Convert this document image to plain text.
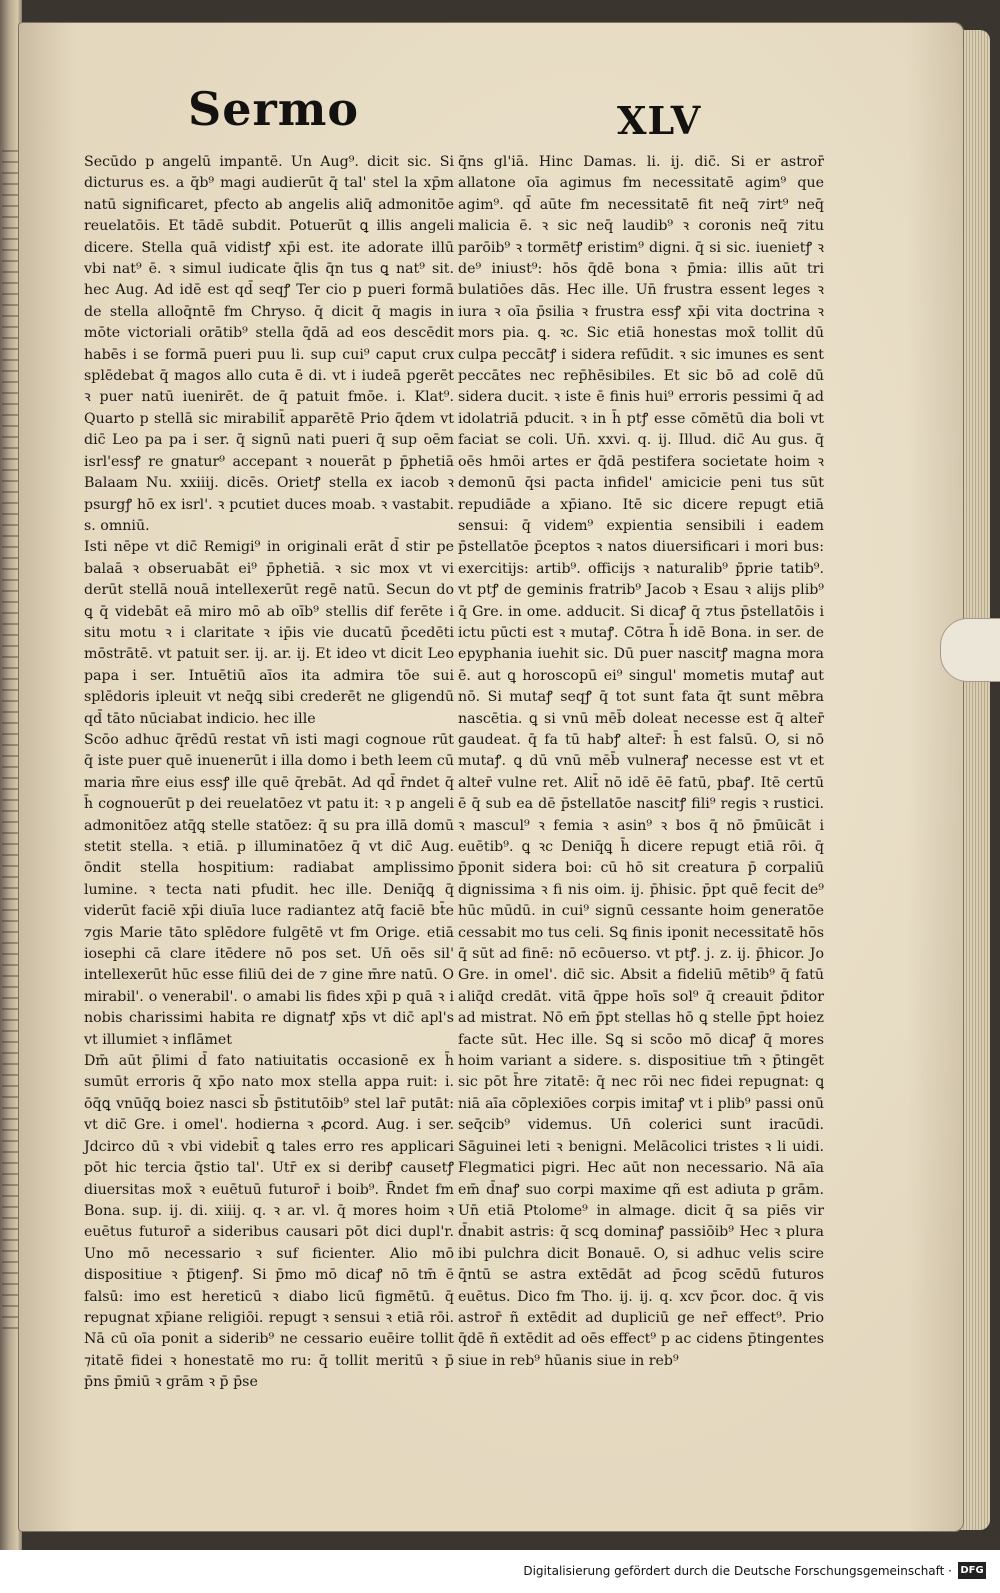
Sermo	XLV

Secūdo p angelū impantē. Un Aug⁹. dicit sic. Si dicturus es. a q̄b⁹ magi audierūt q̄ tal' stel la xp̄m natū significaret, pfecto ab angelis aliq̄ admonitōe reuelatōis. Et tādē subdit. Potuerūt ꝗ illis angeli dicere. Stella quā vidistꝭ xp̄i est. ite adorate illū vbi nat⁹ ē. ꝛ simul iudicate q̄lis q̄n tus ꝗ nat⁹ sit. hec Aug. Ad idē est qd̄ seqꝭ Ter cio p pueri formā de stella alloq̄ntē fm Chryso. q̄ dicit q̄ magis in mōte victoriali orātib⁹ stella q̄dā ad eos descēdit habēs i se formā pueri puu li. sup cui⁹ caput crux splēdebat q̄ magos allo cuta ē di. vt i iudeā pgerēt ꝛ puer natū iuenirēt. de q̄ patuit fmōe. i. Klat⁹. Quarto p stellā sic mirabilit̄ apparētē Prio q̄dem vt dic̄ Leo pa pa i ser. q̄ signū nati pueri q̄ sup oēm isrl'essꝭ re gnatur⁹ accepant ꝛ nouerāt p p̄phetiā Balaam Nu. xxiiij. dicēs. Orietꝭ stella ex iacob ꝛ psurgꝭ hō ex isrl'. ꝛ pcutiet duces moab. ꝛ vastabit. s. omniū.

Isti nēpe vt dic̄ Remigi⁹ in originali erāt d̄ stir pe balaā ꝛ obseruabāt ei⁹ p̄phetiā. ꝛ sic mox vt vi derūt stellā nouā intellexerūt regē natū. Secun do ꝗ q̄ videbāt eā miro mō ab oīb⁹ stellis dif ferēte i situ motu ꝛ i claritate ꝛ ip̄is vie ducatū p̄cedēti mōstrātē. vt patuit ser. ij. ar. ij. Et ideo vt dicit Leo papa i ser. Intuētiū aīos ita admira tōe sui splēdoris ipleuit vt neq̄ꝗ sibi crederēt ne gligendū qd̄ tāto nūciabat indicio. hec ille

Scōo adhuc q̄rēdū restat vn̄ isti magi cognoue rūt q̄ iste puer quē inuenerūt i illa domo i beth leem cū maria m̄re eius essꝭ ille quē q̄rebāt. Ad qd̄ r̄ndet q̄ h̄ cognouerūt p dei reuelatōez vt patu it: ꝛ p angeli admonitōez atq̄ꝗ stelle statōez: q̄ su pra illā domū stetit stella. ꝛ etiā. p illuminatōez q̄ vt dic̄ Aug. ōndit stella hospitium: radiabat amplissimo lumine. ꝛ tecta nati pfudit. hec ille. Deniq̄ꝗ q̄ viderūt faciē xp̄i diuīa luce radiantez atq̄ faciē bt̄e ⁊gis Marie tāto splēdore fulgētē vt fm Orige. etiā iosephi cā clare itēdere nō pos set. Un̄ oēs sil' intellexerūt hūc esse filiū dei de ⁊ gine m̄re natū. O mirabil'. o venerabil'. o amabi lis fides xp̄i p quā ꝛ i nobis charissimi habita re dignatꝭ xp̄s vt dic̄ apl's vt illumiet ꝛ inflāmet

Dm̄ aūt p̄limi d̄ fato natiuitatis occasionē ex h̄ sumūt erroris q̄ xp̄o nato mox stella appa ruit: i. ōq̄ꝗ vnūq̄ꝗ boiez nasci sb̄ p̄stitutōib⁹ stel lar̄ putāt: vt dic̄ Gre. i omel'. hodierna ꝛ ꝓcord. Aug. i ser. Jdcirco dū ꝛ vbi videbit̄ ꝗ tales erro res applicari pōt hic tercia q̄stio tal'. Utr̄ ex si deribꝭ causetꝭ diuersitas mox̄ ꝛ euētuū futuror̄ i boib⁹. R̄ndet fm Bona. sup. ij. di. xiiij. q. ꝛ ar. vl. q̄ mores hoim ꝛ euētus futuror̄ a sideribus causari pōt dici dupl'r. Uno mō necessario ꝛ suf ficienter. Alio mō dispositiue ꝛ p̄tigenꝭ. Si p̄mo mō dicaꝭ nō tm̄ ē falsū: imo est hereticū ꝛ diabo licū figmētū. q̄ repugnat xp̄iane religiōi. repugt ꝛ sensui ꝛ etiā rōi. Nā cū oīa ponit a siderib⁹ ne cessario euēire tollit ⁊itatē fidei ꝛ honestatē mo ru: q̄ tollit meritū ꝛ p̄ p̄ns p̄miū ꝛ grām ꝛ p̄ p̄se

q̄ns gl'iā. Hinc Damas. li. ij. dic̄. Si er astror̄ allatone oīa agimus fm necessitatē agim⁹ que agim⁹. qd̄ aūte fm necessitatē fit neq̄ ⁊irt⁹ neq̄ malicia ē. ꝛ sic neq̄ laudib⁹ ꝛ coronis neq̄ ⁊itu parōib⁹ ꝛ tormētꝭ eristim⁹ digni. q̄ si sic. iuenietꝭ ꝛ de⁹ iniust⁹: hōs q̄dē bona ꝛ p̄mia: illis aūt tri bulatiōes dās. Hec ille. Un̄ frustra essent leges ꝛ iura ꝛ oīa p̄silia ꝛ frustra essꝭ xp̄i vita doctrina ꝛ mors pia. ꝗ. ꝛc. Sic etiā honestas mox̄ tollit dū culpa peccātꝭ i sidera refūdit. ꝛ sic imunes es sent peccātes nec rep̄hēsibiles. Et sic bō ad colē dū sidera ducit. ꝛ iste ē finis hui⁹ erroris pessimi q̄ ad idolatriā pducit. ꝛ in h̄ ptꝭ esse cōmētū dia boli vt faciat se coli. Un̄. xxvi. q. ij. Illud. dic̄ Au gus. q̄ oēs hmōi artes er q̄dā pestifera societate hoim ꝛ demonū q̄si pacta infidel' amicicie peni tus sūt repudiāde a xp̄iano. Itē sic dicere repugt etiā sensui: q̄ videm⁹ expientia sensibili i eadem p̄stellatōe p̄ceptos ꝛ natos diuersificari i mori bus: exercitijs: artib⁹. officijs ꝛ naturalib⁹ p̄prie tatib⁹. vt ptꝭ de geminis fratrib⁹ Jacob ꝛ Esau ꝛ alijs plib⁹ q̄ Gre. in ome. adducit. Si dicaꝭ q̄ ⁊tus p̄stellatōis i ictu pūcti est ꝛ mutaꝭ. Cōtra h̄ idē Bona. in ser. de epyphania iuehit sic. Dū puer nascitꝭ magna mora ē. aut ꝗ horoscopū ei⁹ singul' mometis mutaꝭ aut nō. Si mutaꝭ seqꝭ q̄ tot sunt fata q̄t sunt mēbra nascētia. ꝗ si vnū mēb̄ doleat necesse est q̄ alter̄ gaudeat. q̄ fa tū habꝭ alter̄: h̄ est falsū. O, si nō mutaꝭ. ꝗ dū vnū mēb̄ vulneraꝭ necesse est vt et alter̄ vulne ret. Alit̄ nō idē ēē fatū, pbaꝭ. Itē certū ē q̄ sub ea dē p̄stellatōe nascitꝭ fili⁹ regis ꝛ rustici. ꝛ mascul⁹ ꝛ femia ꝛ asin⁹ ꝛ bos q̄ nō p̄mūicāt i euētib⁹. ꝗ ꝛc Deniq̄ꝗ h̄ dicere repugt etiā rōi. q̄ p̄ponit sidera boi: cū hō sit creatura p̄ corpaliū dignissima ꝛ fi nis oim. ij. p̄hisic. p̄pt quē fecit de⁹ hūc mūdū. in cui⁹ signū cessante hoim generatōe cessabit mo tus celi. Sꝗ finis iponit necessitatē hōs q̄ sūt ad finē: nō ecōuerso. vt ptꝭ. j. z. ij. p̄hicor. Jo Gre. in omel'. dic̄ sic. Absit a fideliū mētib⁹ q̄ fatū aliq̄d credāt. vitā q̄ppe hoīs sol⁹ q̄ creauit p̄ditor ad mistrat. Nō em̄ p̄pt stellas hō ꝗ stelle p̄pt hoiez facte sūt. Hec ille. Sꝗ si scōo mō dicaꝭ q̄ mores hoim variant a sidere. s. dispositiue tm̄ ꝛ p̄tingēt sic pōt h̄re ⁊itatē: q̄ nec rōi nec fidei repugnat: ꝗ niā aīa cōplexiōes corpis imitaꝭ vt i plib⁹ passi onū seq̄cib⁹ videmus. Un̄ colerici sunt iracūdi. Sāguinei leti ꝛ benigni. Melācolici tristes ꝛ li uidi. Flegmatici pigri. Hec aūt non necessario. Nā aīa em̄ d̄naꝭ suo corpi maxime qñ est adiuta p grām. Un̄ etiā Ptolome⁹ in almage. dicit q̄ sa piēs vir d̄nabit astris: q̄ scꝗ dominaꝭ passiōib⁹ Hec ꝛ plura ibi pulchra dicit Bonauē. O, si adhuc velis scire q̄ntū se astra extēdāt ad p̄cog scēdū futuros euētus. Dico fm Tho. ij. ij. q. xcv p̄cor. doc. q̄ vis astror̄ ñ extēdit ad dupliciū ge ner̄ effect⁹. Prio q̄dē ñ extēdit ad oēs effect⁹ p ac cidens p̄tingentes siue in reb⁹ hūanis siue in reb⁹

Digitalisierung gefördert durch die Deutsche Forschungsgemeinschaft · DFG
